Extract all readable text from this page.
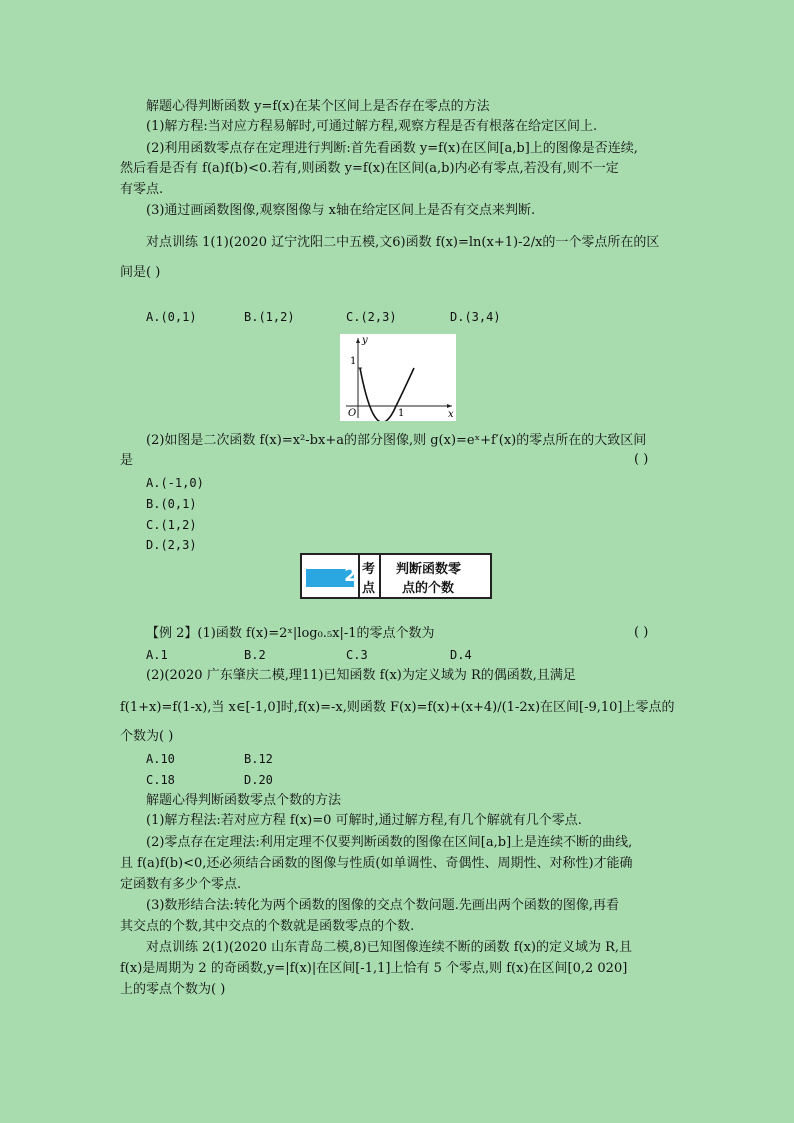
解题心得判断函数 y=f(x)在某个区间上是否存在零点的方法

(1)解方程:当对应方程易解时,可通过解方程,观察方程是否有根落在给定区间上.

(2)利用函数零点存在定理进行判断:首先看函数 y=f(x)在区间[a,b]上的图像是否连续,

然后看是否有 f(a)f(b)<0.若有,则函数 y=f(x)在区间(a,b)内必有零点,若没有,则不一定

有零点.

(3)通过画函数图像,观察图像与 x轴在给定区间上是否有交点来判断.

对点训练 1(1)(2020 辽宁沈阳二中五模,文6)函数 f(x)=ln(x+1)-2/x的一个零点所在的区

间是( )

A.(0,1)	B.(1,2)	C.(2,3)	D.(3,4)

1
y
x
O	1

(2)如图是二次函数 f(x)=x²-bx+a的部分图像,则 g(x)=eˣ+f′(x)的零点所在的大致区间

是	( )

A.(-1,0)

B.(0,1)

C.(1,2)

D.(2,3)

2 考
点
判断函数零
点的个数

【例 2】(1)函数 f(x)=2ˣ|log₀.₅x|-1的零点个数为	( )

A.1	B.2	C.3	D.4

(2)(2020 广东肇庆二模,理11)已知函数 f(x)为定义域为 R的偶函数,且满足

f(1+x)=f(1-x),当 x∈[-1,0]时,f(x)=-x,则函数 F(x)=f(x)+(x+4)/(1-2x)在区间[-9,10]上零点的

个数为( )

A.10	B.12

C.18	D.20

解题心得判断函数零点个数的方法

(1)解方程法:若对应方程 f(x)=0 可解时,通过解方程,有几个解就有几个零点.

(2)零点存在定理法:利用定理不仅要判断函数的图像在区间[a,b]上是连续不断的曲线,

且 f(a)f(b)<0,还必须结合函数的图像与性质(如单调性、奇偶性、周期性、对称性)才能确

定函数有多少个零点.

(3)数形结合法:转化为两个函数的图像的交点个数问题.先画出两个函数的图像,再看

其交点的个数,其中交点的个数就是函数零点的个数.

对点训练 2(1)(2020 山东青岛二模,8)已知图像连续不断的函数 f(x)的定义域为 R,且

f(x)是周期为 2 的奇函数,y=|f(x)|在区间[-1,1]上恰有 5 个零点,则 f(x)在区间[0,2 020]

上的零点个数为( )
